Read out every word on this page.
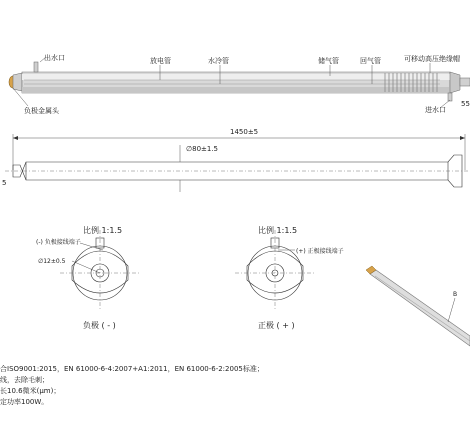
出水口	放电管	水冷管	储气管	回气管	可移动高压绝缘帽
负极金属头	进水口
55
1450±5
∅80±1.5
5
比例 1:1.5
(-) 负极接线端子
∅12±0.5
负极 ( - )
比例 1:1.5
(+) 正极接线端子
正极 ( + )
B
合ISO9001:2015，EN 61000-6-4:2007+A1:2011，EN 61000-6-2:2005标准；
线，去除毛刺；
长10.6微米(μm)；
定功率100W。
